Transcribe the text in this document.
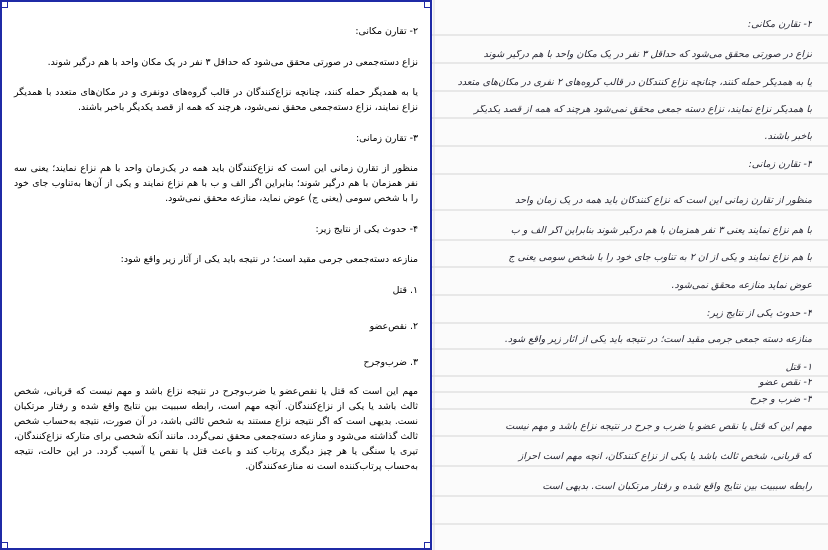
۲- تقارن مکانی:

نزاع دسته‌جمعی در صورتی محقق می‌شود که حداقل ۳ نفر در یک مکان واحد با هم درگیر شوند.

یا به همدیگر حمله کنند، چنانچه نزاع‌کنندگان در قالب گروه‌های دونفری و در مکان‌های متعدد با همدیگر نزاع نمایند، نزاع دسته‌جمعی محقق نمی‌شود، هرچند که همه از قصد یکدیگر باخبر باشند.

۳- تقارن زمانی:

منظور از تقارن زمانی این است که نزاع‌کنندگان باید همه در یک‌زمان واحد با هم نزاع نمایند؛ یعنی سه نفر همزمان با هم درگیر شوند؛ بنابراین اگر الف و ب با هم نزاع نمایند و یکی از آن‌ها به‌تناوب جای خود را با شخص سومی (یعنی ج) عوض نماید، منازعه محقق نمی‌شود.

۴- حدوث یکی از نتایج زیر:

منازعه دسته‌جمعی جرمی مقید است؛ در نتیجه باید یکی از آثار زیر واقع شود:

۱. قتل

۲. نقص‌عضو

۳. ضرب‌وجرح

مهم این است که قتل یا نقص‌عضو یا ضرب‌وجرح در نتیجه نزاع باشد و مهم نیست که قربانی، شخص ثالث باشد یا یکی از نزاع‌کنندگان. آنچه مهم است، رابطه سببیت بین نتایج واقع شده و رفتار مرتکبان نست. بدیهی است که اگر نتیجه نزاع مستند به شخص ثالثی باشد، در آن صورت، نتیجه به‌حساب شخص ثالث گذاشته می‌شود و منازعه دسته‌جمعی محقق نمی‌گردد. مانند آنکه شخصی برای متارکه نزاع‌کنندگان، تیری یا سنگی یا هر چیز دیگری پرتاب کند و باعث قتل یا نقص یا آسیب گردد. در این حالت، نتیجه به‌حساب پرتاب‌کننده است نه منازعه‌کنندگان.

۲- تقارن مکانی:
نزاع در صورتی محقق می‌شود که حداقل ۳ نفر در یک مکان واحد با هم درگیر شوند
یا به همدیگر حمله کنند، چنانچه نزاع کنندگان در قالب گروه‌های ۲ نفری در مکان‌های متعدد
با همدیگر نزاع نمایند، نزاع دسته جمعی محقق نمی‌شود هرچند که همه از قصد یکدیگر
باخبر باشند.
۳- تقارن زمانی:
منظور از تقارن زمانی این است که نزاع کنندگان باید همه در یک زمان واحد
با هم نزاع نمایند یعنی ۳ نفر همزمان با هم درگیر شوند بنابراین اگر الف و ب
با هم نزاع نمایند و یکی از آن ۲ به تناوب جای خود را با شخص سومی یعنی ج
عوض نماید منازعه محقق نمی‌شود.
۴- حدوث یکی از نتایج زیر:
منازعه دسته جمعی جرمی مقید است؛ در نتیجه باید یکی از آثار زیر واقع شود.
۱- قتل
۲- نقص عضو
۳- ضرب و جرح
مهم این که قتل یا نقص عضو یا ضرب و جرح در نتیجه نزاع باشد و مهم نیست
که قربانی، شخص ثالث باشد یا یکی از نزاع کنندگان، آنچه مهم است احراز
رابطه سببیت بین نتایج واقع شده و رفتار مرتکبان است. بدیهی است
